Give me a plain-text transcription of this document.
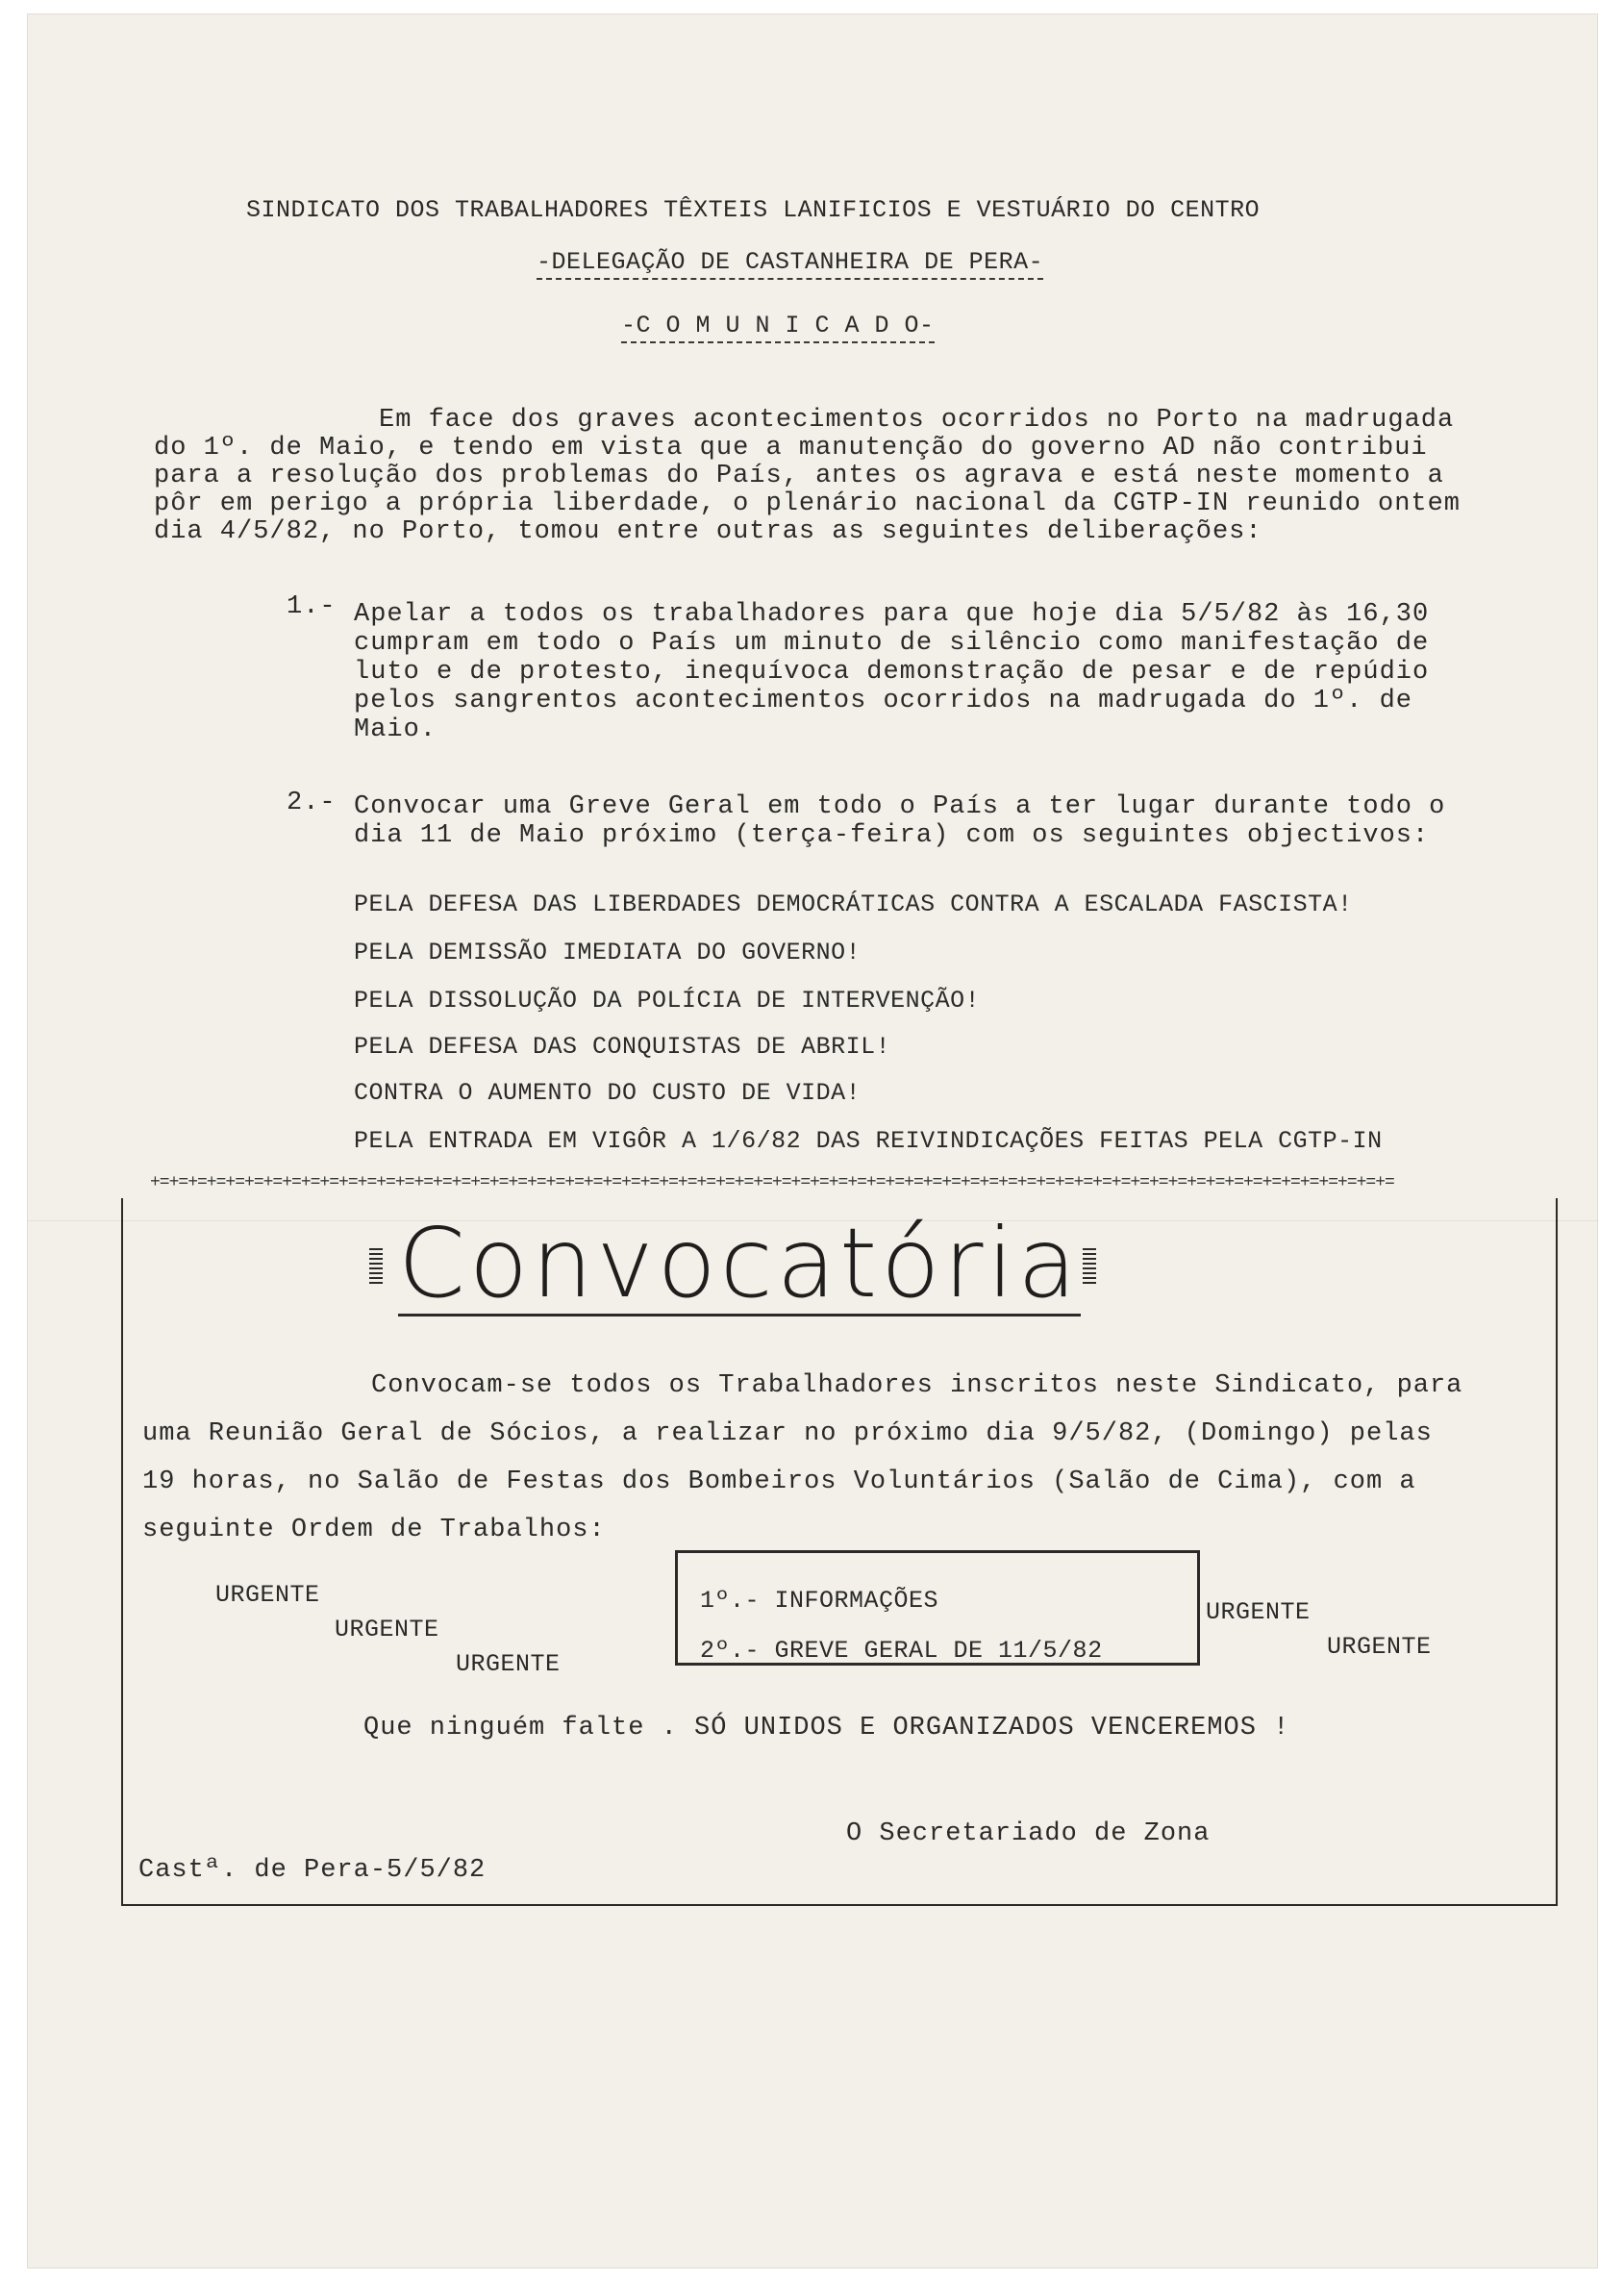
SINDICATO DOS TRABALHADORES TÊXTEIS LANIFICIOS E VESTUÁRIO DO CENTRO
-DELEGAÇÃO DE CASTANHEIRA DE PERA-
-C O M U N I C A D O-
Em face dos graves acontecimentos ocorridos no Porto na madrugada
do 1º. de Maio, e tendo em vista que a manutenção do governo AD não contribui
para a resolução dos problemas do País, antes os agrava e está neste momento a
pôr em perigo a própria liberdade, o plenário nacional da CGTP-IN reunido ontem
dia 4/5/82, no Porto, tomou entre outras as seguintes deliberações:
1.- Apelar a todos os trabalhadores para que hoje dia 5/5/82 às 16,30
cumpram em todo o País um minuto de silêncio como manifestação de
luto e de protesto, inequívoca demonstração de pesar e de repúdio
pelos sangrentos acontecimentos ocorridos na madrugada do 1º. de
Maio.
2.- Convocar uma Greve Geral em todo o País a ter lugar durante todo o
dia 11 de Maio próximo (terça-feira) com os seguintes objectivos:
PELA DEFESA DAS LIBERDADES DEMOCRÁTICAS CONTRA A ESCALADA FASCISTA!
PELA DEMISSÃO IMEDIATA DO GOVERNO!
PELA DISSOLUÇÃO DA POLÍCIA DE INTERVENÇÃO!
PELA DEFESA DAS CONQUISTAS DE ABRIL!
CONTRA O AUMENTO DO CUSTO DE VIDA!
PELA ENTRADA EM VIGÔR A 1/6/82 DAS REIVINDICAÇÕES FEITAS PELA CGTP-IN
+=+=+=+=+=+=+=+=+=+=+=+=+=+=+=+=+=+=+=+=+=+=+=+=+=+=+=+=+=+=+=+=+=+=+=+=+=+=+=+=+=+=+=+=+=+=+=+=+=+=+=+=+=+=+=+=+=+=+=+=+=+=+=+=+=+=
Convocatória
Convocam-se todos os Trabalhadores inscritos neste Sindicato, para
uma Reunião Geral de Sócios, a realizar no próximo dia 9/5/82, (Domingo) pelas
19 horas, no Salão de Festas dos Bombeiros Voluntários (Salão de Cima), com a
seguinte Ordem de Trabalhos:
URGENTE
URGENTE
URGENTE
URGENTE
URGENTE
1º.- INFORMAÇÕES
2º.- GREVE GERAL DE 11/5/82
Que ninguém falte . SÓ UNIDOS E ORGANIZADOS VENCEREMOS !
O Secretariado de Zona
Castª. de Pera-5/5/82
